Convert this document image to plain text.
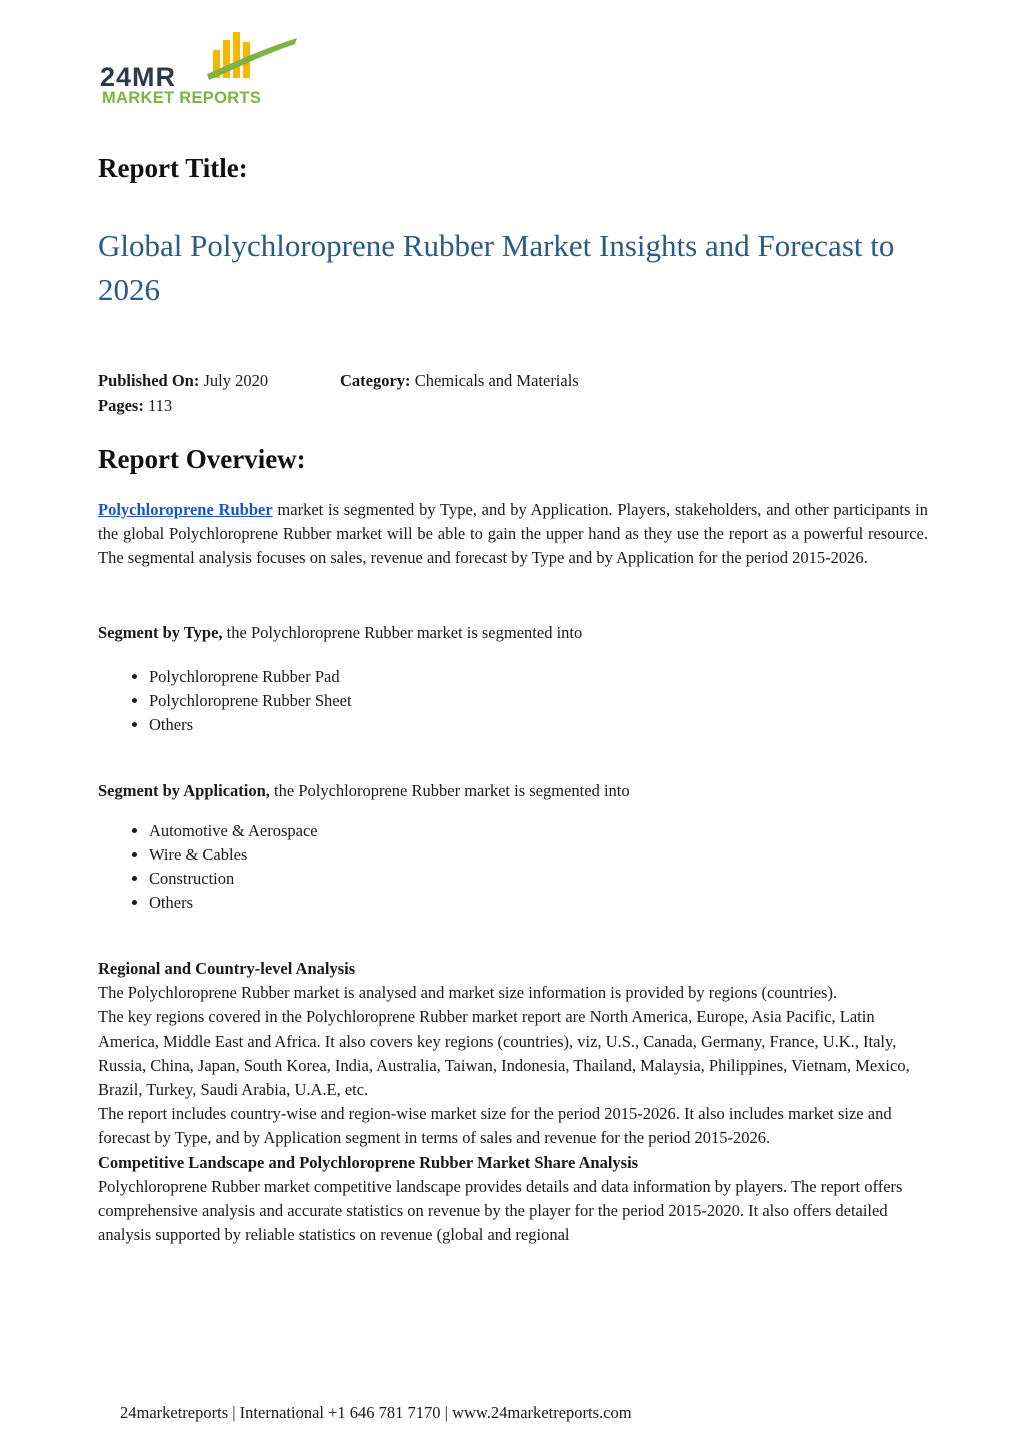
24MR
MARKET REPORTS
Report Title:
Global Polychloroprene Rubber Market Insights and Forecast to 2026
Published On: July 2020	Category: Chemicals and Materials
Pages: 113
Report Overview:

Polychloroprene Rubber market is segmented by Type, and by Application. Players, stakeholders, and other participants in the global Polychloroprene Rubber market will be able to gain the upper hand as they use the report as a powerful resource. The segmental analysis focuses on sales, revenue and forecast by Type and by Application for the period 2015-2026.

Segment by Type, the Polychloroprene Rubber market is segmented into

• Polychloroprene Rubber Pad
• Polychloroprene Rubber Sheet
• Others

Segment by Application, the Polychloroprene Rubber market is segmented into

• Automotive & Aerospace
• Wire & Cables
• Construction
• Others
Regional and Country-level Analysis
The Polychloroprene Rubber market is analysed and market size information is provided by regions (countries).
The key regions covered in the Polychloroprene Rubber market report are North America, Europe, Asia Pacific, Latin America, Middle East and Africa. It also covers key regions (countries), viz, U.S., Canada, Germany, France, U.K., Italy, Russia, China, Japan, South Korea, India, Australia, Taiwan, Indonesia, Thailand, Malaysia, Philippines, Vietnam, Mexico, Brazil, Turkey, Saudi Arabia, U.A.E, etc.
The report includes country-wise and region-wise market size for the period 2015-2026. It also includes market size and forecast by Type, and by Application segment in terms of sales and revenue for the period 2015-2026.
Competitive Landscape and Polychloroprene Rubber Market Share Analysis
Polychloroprene Rubber market competitive landscape provides details and data information by players. The report offers comprehensive analysis and accurate statistics on revenue by the player for the period 2015-2020. It also offers detailed analysis supported by reliable statistics on revenue (global and regional
24marketreports | International +1 646 781 7170 | www.24marketreports.com
